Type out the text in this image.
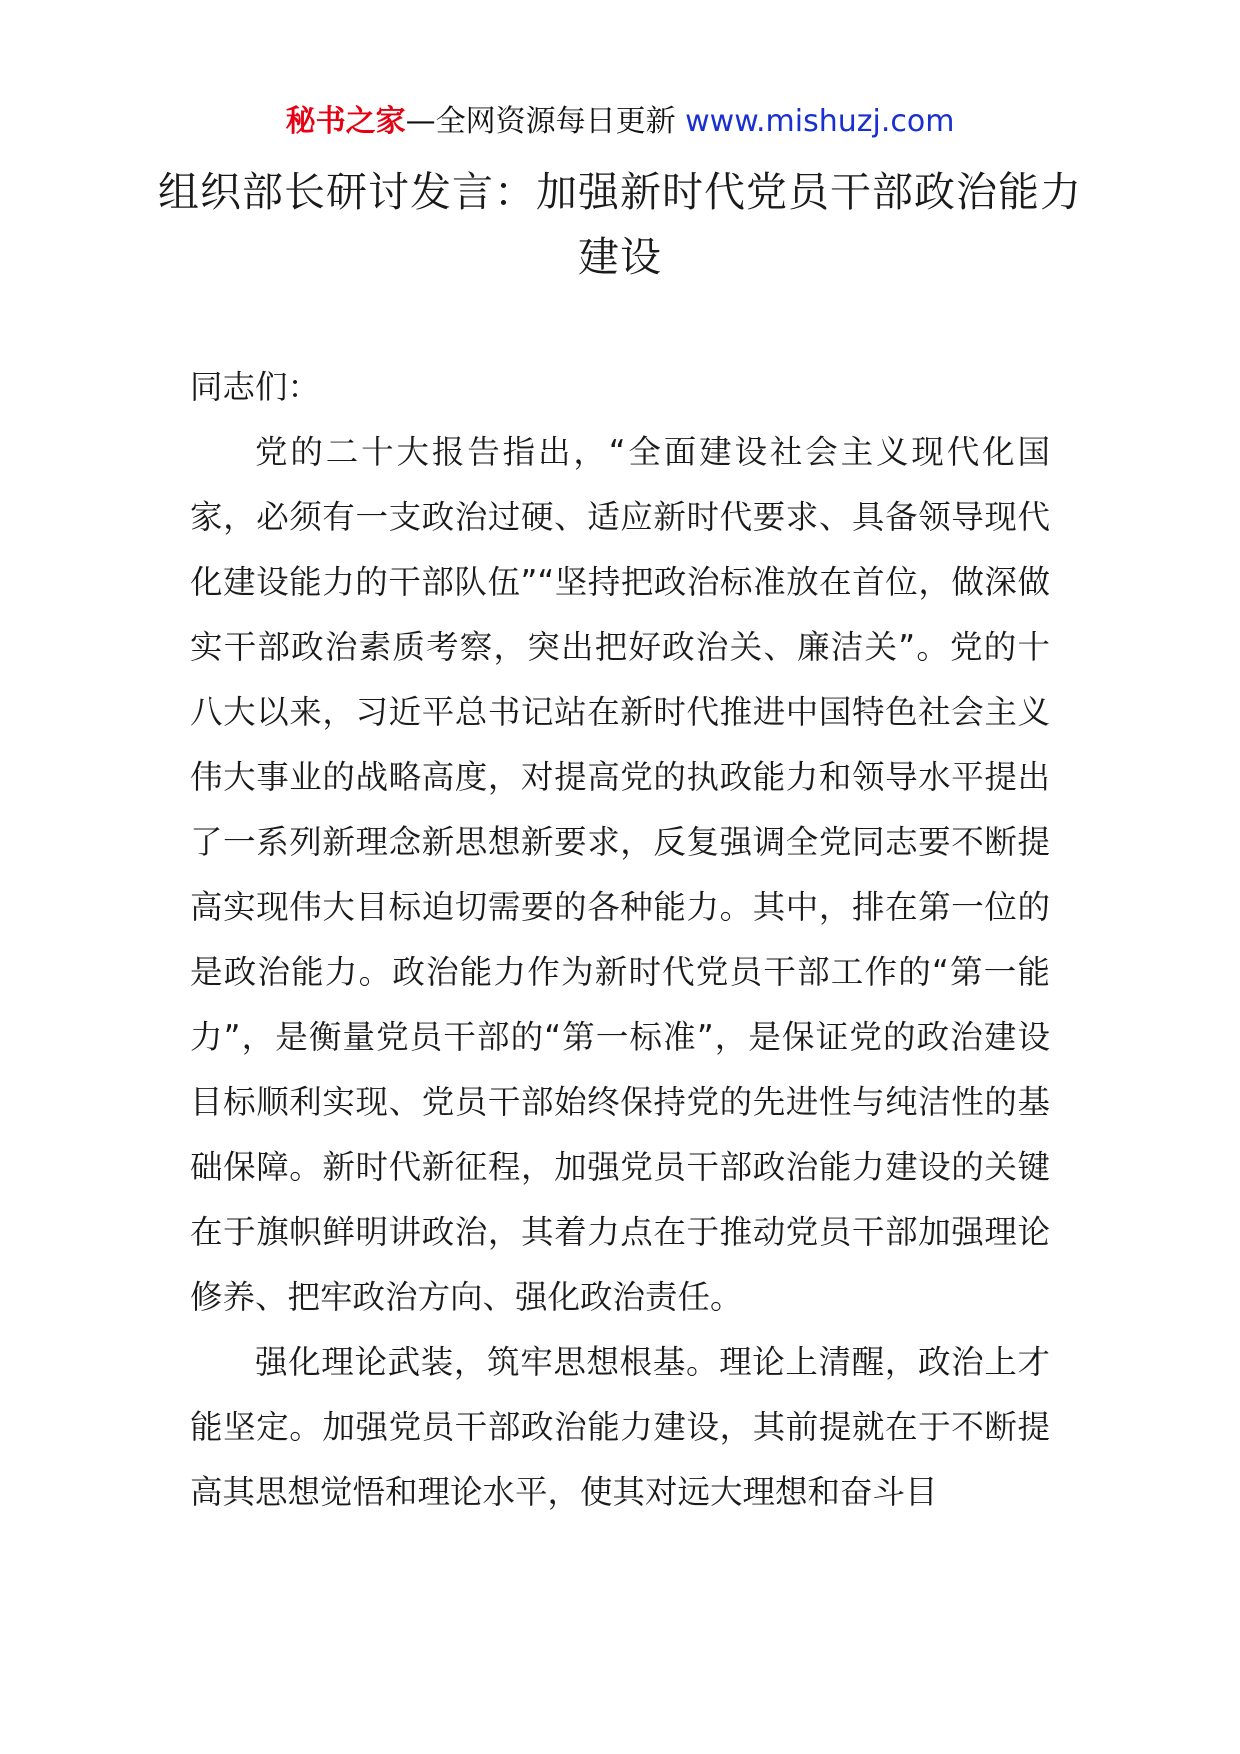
秘书之家—全网资源每日更新 www.mishuzj.com
组织部长研讨发言：加强新时代党员干部政治能力建设

同志们：

党的二十大报告指出，“全面建设社会主义现代化国家，必须有一支政治过硬、适应新时代要求、具备领导现代化建设能力的干部队伍”“坚持把政治标准放在首位，做深做实干部政治素质考察，突出把好政治关、廉洁关”。党的十八大以来，习近平总书记站在新时代推进中国特色社会主义伟大事业的战略高度，对提高党的执政能力和领导水平提出了一系列新理念新思想新要求，反复强调全党同志要不断提高实现伟大目标迫切需要的各种能力。其中，排在第一位的是政治能力。政治能力作为新时代党员干部工作的“第一能力”，是衡量党员干部的“第一标准”，是保证党的政治建设目标顺利实现、党员干部始终保持党的先进性与纯洁性的基础保障。新时代新征程，加强党员干部政治能力建设的关键在于旗帜鲜明讲政治，其着力点在于推动党员干部加强理论修养、把牢政治方向、强化政治责任。

强化理论武装，筑牢思想根基。理论上清醒，政治上才能坚定。加强党员干部政治能力建设，其前提就在于不断提高其思想觉悟和理论水平，使其对远大理想和奋斗目
